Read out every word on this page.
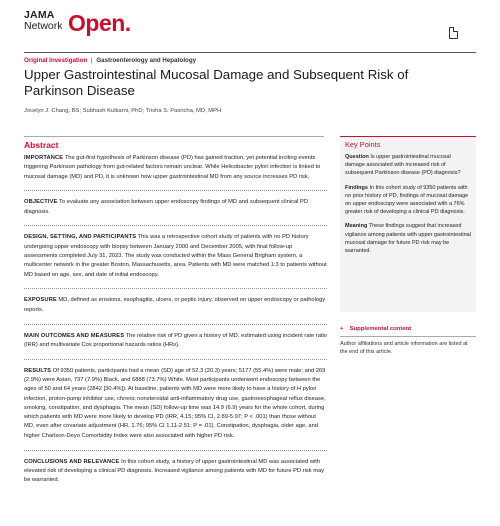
JAMA
Network Open.
Original Investigation | Gastroenterology and Hepatology
Upper Gastrointestinal Mucosal Damage and Subsequent Risk of Parkinson Disease
Jocelyn J. Chang, BS; Subhash Kulkarni, PhD; Trisha S. Pasricha, MD, MPH
Abstract

IMPORTANCE The gut-first hypothesis of Parkinson disease (PD) has gained traction, yet potential inciting events triggering Parkinson pathology from gut-related factors remain unclear. While Helicobacter pylori infection is linked to mucosal damage (MD) and PD, it is unknown how upper gastrointestinal MD from any source increases PD risk.

OBJECTIVE To evaluate any association between upper endoscopy findings of MD and subsequent clinical PD diagnosis.

DESIGN, SETTING, AND PARTICIPANTS This was a retrospective cohort study of patients with no PD history undergoing upper endoscopy with biopsy between January 2000 and December 2005, with final follow-up assessments completed July 31, 2023. The study was conducted within the Mass General Brigham system, a multicenter network in the greater Boston, Massachusetts, area. Patients with MD were matched 1:3 to patients without MD based on age, sex, and date of initial endoscopy.

EXPOSURE MD, defined as erosions, esophagitis, ulcers, or peptic injury, observed on upper endoscopy or pathology reports.

MAIN OUTCOMES AND MEASURES The relative risk of PD given a history of MD, estimated using incident rate ratio (IRR) and multivariate Cox proportional hazards ratios (HRs).

RESULTS Of 9350 patients, participants had a mean (SD) age of 52.3 (20.3) years; 5177 (55.4%) were male; and 269 (2.9%) were Asian, 737 (7.9%) Black, and 6888 (73.7%) White. Most participants underwent endoscopy between the ages of 50 and 64 years (2842 [30.4%]). At baseline, patients with MD were more likely to have a history of H pylori infection, proton-pump inhibitor use, chronic nonsteroidal anti-inflammatory drug use, gastroesophageal reflux disease, smoking, constipation, and dysphagia. The mean (SD) follow-up time was 14.9 (6.9) years for the whole cohort, during which patients with MD were more likely to develop PD (IRR, 4.15; 95% CI, 2.89-5.97; P < .001) than those without MD, even after covariate adjustment (HR, 1.76; 95% CI 1.11-2.51; P = .01). Constipation, dysphagia, older age, and higher Charlson-Deyo Comorbidity Index were also associated with higher PD risk.

CONCLUSIONS AND RELEVANCE In this cohort study, a history of upper gastrointestinal MD was associated with elevated risk of developing a clinical PD diagnosis. Increased vigilance among patients with MD for future PD risk may be warranted.

Key Points

Question Is upper gastrointestinal mucosal damage associated with increased risk of subsequent Parkinson disease (PD) diagnosis?

Findings In this cohort study of 9350 patients with no prior history of PD, findings of mucosal damage on upper endoscopy were associated with a 76% greater risk of developing a clinical PD diagnosis.

Meaning These findings suggest that increased vigilance among patients with upper gastrointestinal mucosal damage for future PD risk may be warranted.

+ Supplemental content

Author affiliations and article information are listed at the end of this article.
